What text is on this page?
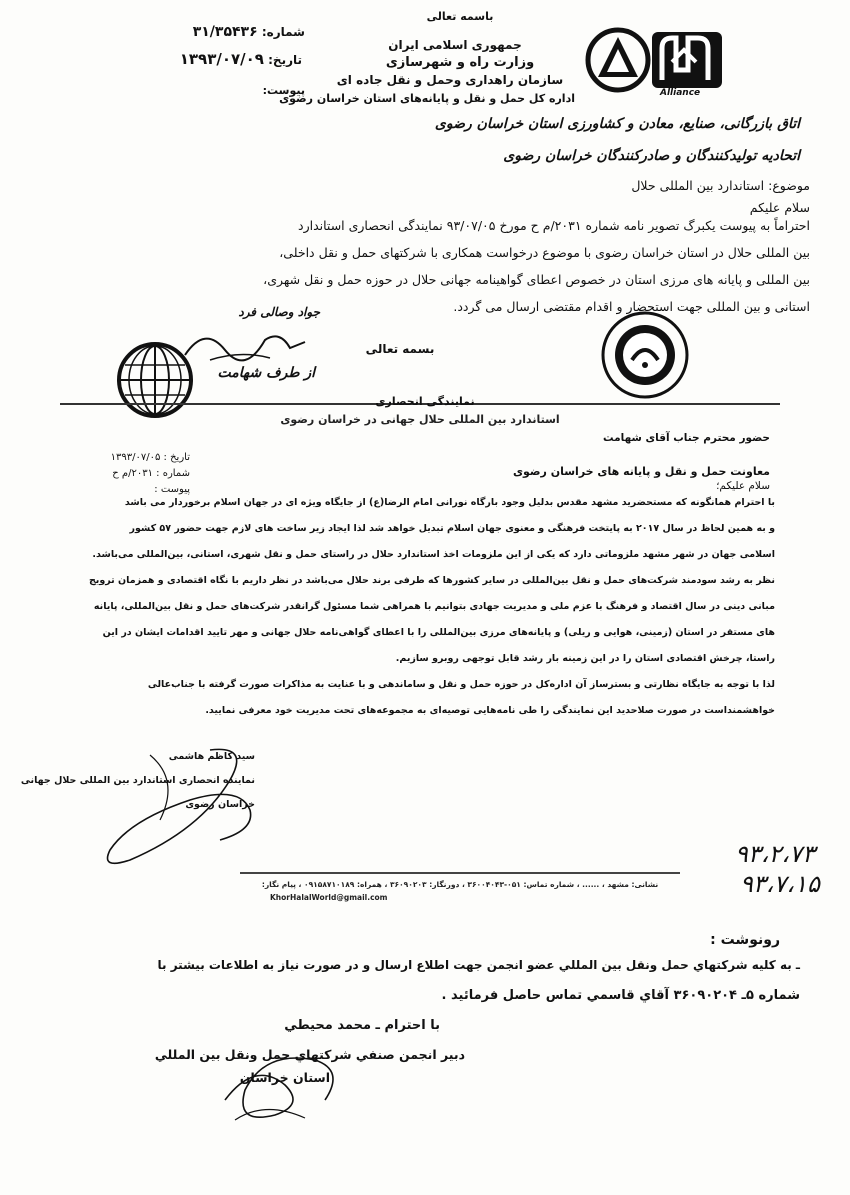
باسمه تعالی
جمهوری اسلامی ایران
وزارت راه و شهرسازی
سازمان راهداری وحمل و نقل جاده ای
اداره کل حمل و نقل و پایانه‌های استان خراسان رضوی
شماره: ۳۱/۳۵۴۳۶
تاریخ: ۱۳۹۳/۰۷/۰۹
پیوست:	Alliance
اتاق بازرگانی، صنایع، معادن و کشاورزی استان خراسان رضوی
اتحادیه تولیدکنندگان و صادرکنندگان خراسان رضوی
موضوع: استاندارد بین المللی حلال
سلام علیکم
احتراماً به پیوست یکبرگ تصویر نامه شماره ۲۰۳۱/م ح مورخ ۹۳/۰۷/۰۵ نمایندگی انحصاری استاندارد
بین المللی حلال در استان خراسان رضوی با موضوع درخواست همکاری با شرکتهای حمل و نقل داخلی،
بین المللی و پایانه های مرزی استان در خصوص اعطای گواهینامه جهانی حلال در حوزه حمل و نقل شهری،
استانی و بین المللی جهت استحضار و اقدام مقتضی ارسال می گردد.
جواد وصالی فرد
از طرف شهامت
بسمه تعالی
نمایندگی انحصاری
استاندارد بین المللی حلال جهانی در خراسان رضوی
حضور محترم جناب آقای شهامت
تاریخ : ۱۳۹۳/۰۷/۰۵
شماره : ۲۰۳۱/م ح
پیوست :
معاونت حمل و نقل و پایانه های خراسان رضوی
سلام علیکم؛
با احترام همانگونه که مستحضرید مشهد مقدس بدلیل وجود بارگاه نورانی امام الرضا(ع) از جایگاه ویژه ای در جهان اسلام برخوردار می باشد
و به همین لحاظ در سال ۲۰۱۷ به پایتخت فرهنگی و معنوی جهان اسلام تبدیل خواهد شد لذا ایجاد زیر ساخت های لازم جهت حضور ۵۷ کشور
اسلامی جهان در شهر مشهد ملزوماتی دارد که یکی از این ملزومات اخذ استاندارد حلال در راستای حمل و نقل شهری، استانی، بین‌المللی می‌باشد.
نظر به رشد سودمند شرکت‌های حمل و نقل بین‌المللی در سایر کشورها که طرفی برند حلال می‌باشد در نظر داریم با نگاه اقتصادی و همزمان ترویج
مبانی دینی در سال اقتصاد و فرهنگ با عزم ملی و مدیریت جهادی بتوانیم با همراهی شما مسئول گرانقدر شرکت‌های حمل و نقل بین‌المللی، پایانه
های مستقر در استان (زمینی، هوایی و ریلی) و پایانه‌های مرزی بین‌المللی را با اعطای گواهی‌نامه حلال جهانی و مهر تایید اقدامات ایشان در این
راستا، چرخش اقتصادی استان را در این زمینه بار رشد قابل توجهی روبرو سازیم.
لذا با توجه به جایگاه نظارتی و بسترساز آن اداره‌کل در حوزه حمل و نقل و ساماندهی و با عنایت به مذاکرات صورت گرفته با جناب‌عالی
خواهشمنداست در صورت صلاحدید این نمایندگی را طی نامه‌هایی توصیه‌ای به مجموعه‌های تحت مدیریت خود معرفی نمایید.
سید کاظم هاشمی
نماینده انحصاری استاندارد بین المللی حلال جهانی
خراسان رضوی
۹۳،۲،۷۳
۹۳،۷،۱۵
نشانی: مشهد ، ...... ، شماره تماس: ۰۵۱-۳۶۰۰۴۰۴۳ ، دورنگار: ۳۶۰۹۰۲۰۳ ، همراه: ۰۹۱۵۸۷۱۰۱۸۹ ، پیام نگار:
KhorHalalWorld@gmail.com
رونوشت :
ـ به کلیه شرکتهاي حمل ونقل بین المللي عضو انجمن جهت اطلاع ارسال و در صورت نیاز به اطلاعات بیشتر با
شماره ۵ـ ۳۶۰۹۰۲۰۴ آقاي قاسمي تماس حاصل فرمائید .
با احترام ـ محمد محیطي
دبیر انجمن صنفي شرکتهاي حمل ونقل بین المللي
استان خراسان
